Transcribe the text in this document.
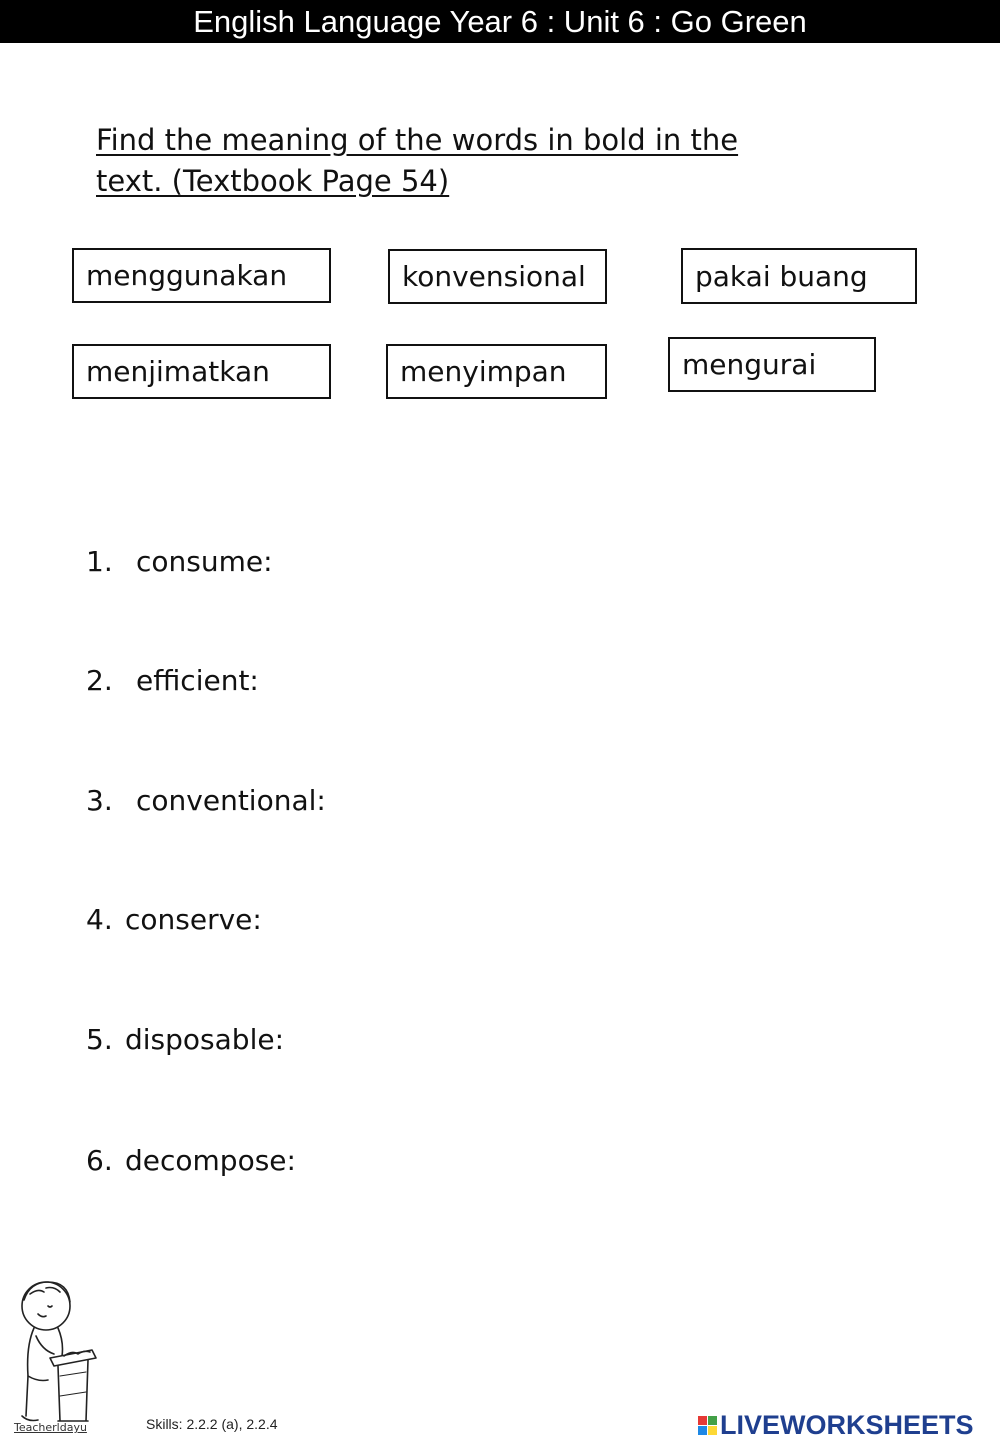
English Language Year 6 : Unit 6 : Go Green
Find the meaning of the words in bold in the
text. (Textbook Page 54)
menggunakan	konvensional	pakai buang
menjimatkan	menyimpan	mengurai
1. consume:
2. efficient:
3. conventional:
4. conserve:
5. disposable:
6. decompose:
Teacherldayu	Skills: 2.2.2 (a), 2.2.4	LIVEWORKSHEETS
